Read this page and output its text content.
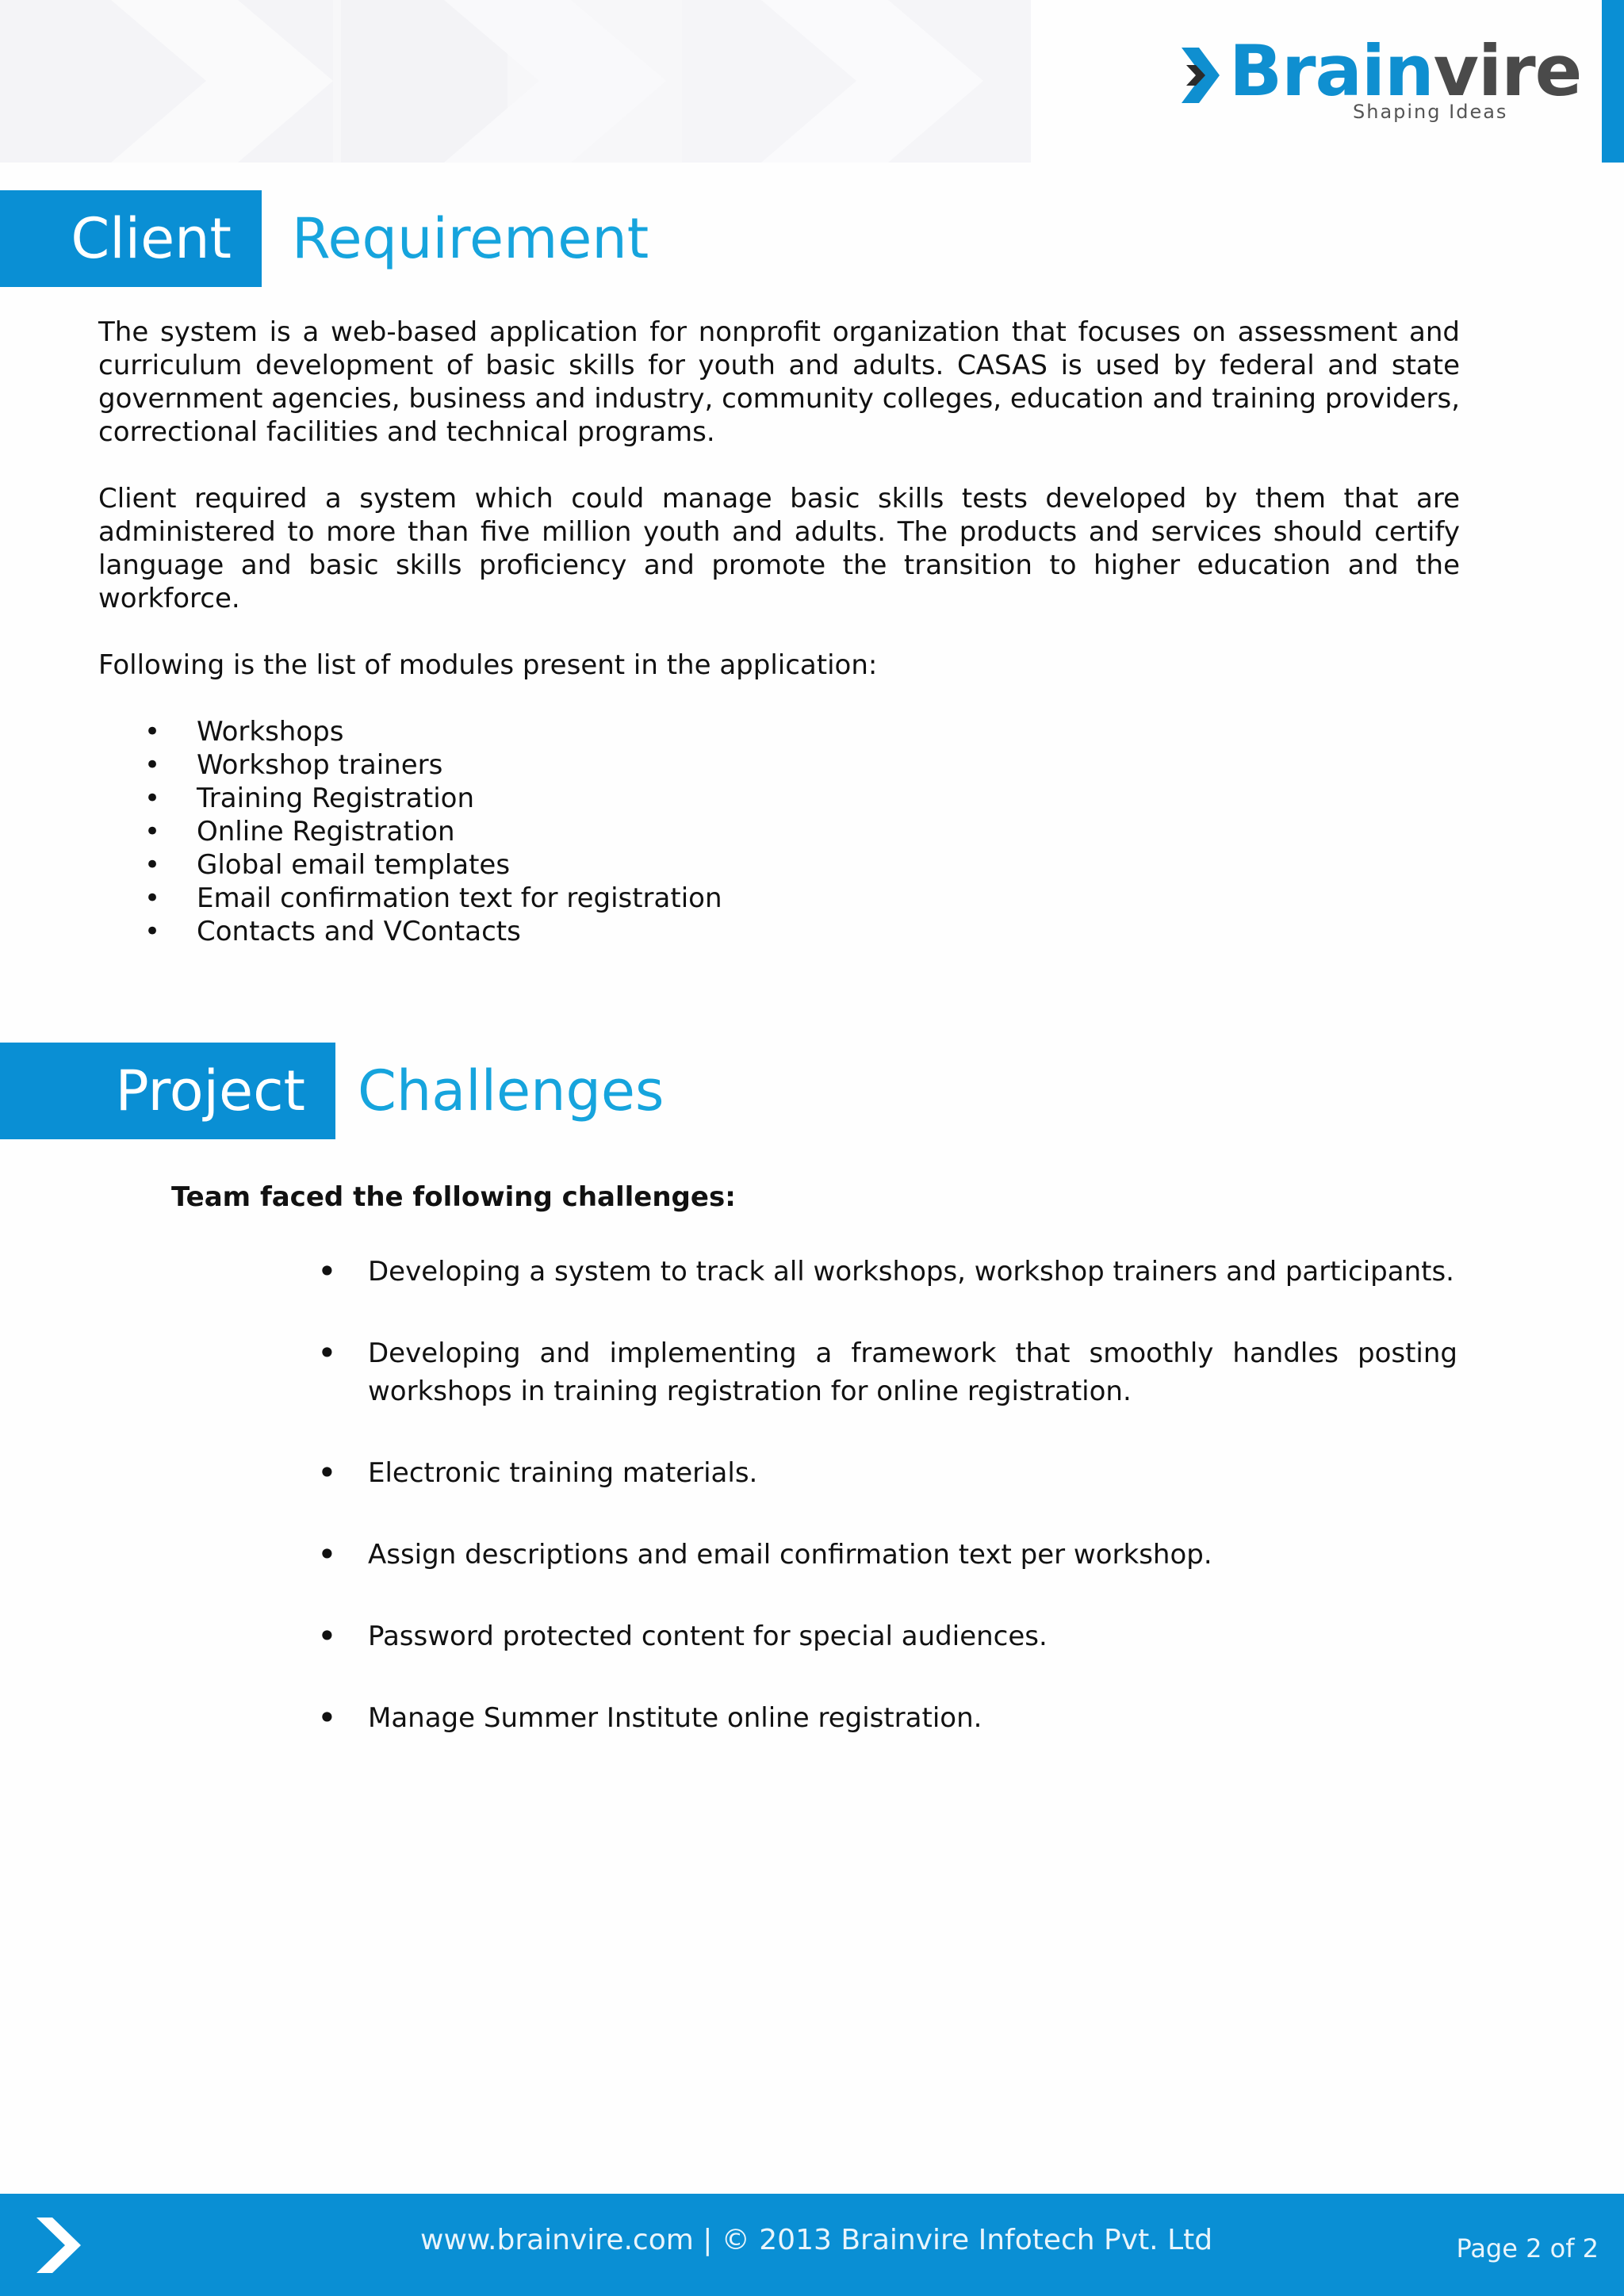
Brainvire
Shaping Ideas
Client	Requirement

The system is a web-based application for nonprofit organization that focuses on assessment and curriculum development of basic skills for youth and adults. CASAS is used by federal and state government agencies, business and industry, community colleges, education and training providers, correctional facilities and technical programs.

Client required a system which could manage basic skills tests developed by them that are administered to more than five million youth and adults. The products and services should certify language and basic skills proficiency and promote the transition to higher education and the workforce.

Following is the list of modules present in the application:

• Workshops
• Workshop trainers
• Training Registration
• Online Registration
• Global email templates
• Email confirmation text for registration
• Contacts and VContacts
Project Challenges

Team faced the following challenges:

• Developing a system to track all workshops, workshop trainers and participants.
• Developing and implementing a framework that smoothly handles posting workshops in training registration for online registration.
• Electronic training materials.
• Assign descriptions and email confirmation text per workshop.
• Password protected content for special audiences.
• Manage Summer Institute online registration.
www.brainvire.com | © 2013 Brainvire Infotech Pvt. Ltd	Page 2 of 2
